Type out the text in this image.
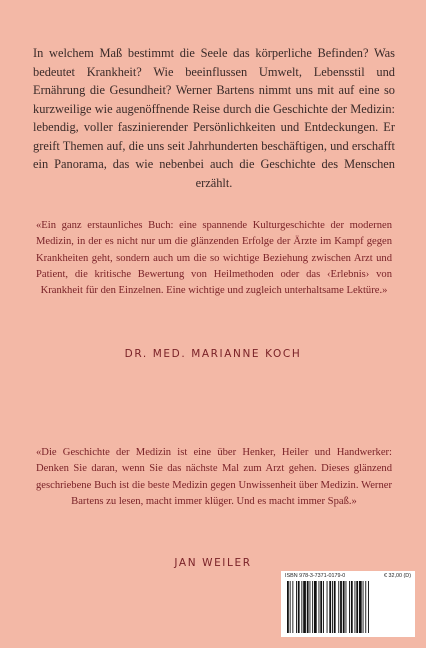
In welchem Maß bestimmt die Seele das körperliche Befinden? Was bedeutet Krankheit? Wie beeinflussen Umwelt, Lebensstil und Ernährung die Gesundheit? Werner Bartens nimmt uns mit auf eine so kurzweilige wie augenöffnende Reise durch die Geschichte der Medizin: lebendig, voller faszinierender Persönlichkeiten und Entdeckungen. Er greift Themen auf, die uns seit Jahrhunderten beschäftigen, und erschafft ein Panorama, das wie nebenbei auch die Geschichte des Menschen erzählt.

«Ein ganz erstaunliches Buch: eine spannende Kulturgeschichte der modernen Medizin, in der es nicht nur um die glänzenden Erfolge der Ärzte im Kampf gegen Krankheiten geht, sondern auch um die so wichtige Beziehung zwischen Arzt und Patient, die kritische Bewertung von Heilmethoden oder das ‹Erlebnis› von Krankheit für den Einzelnen. Eine wichtige und zugleich unterhaltsame Lektüre.»

DR. MED. MARIANNE KOCH

«Die Geschichte der Medizin ist eine über Henker, Heiler und Handwerker: Denken Sie daran, wenn Sie das nächste Mal zum Arzt gehen. Dieses glänzend geschriebene Buch ist die beste Medizin gegen Unwissenheit über Medizin. Werner Bartens zu lesen, macht immer klüger. Und es macht immer Spaß.»

JAN WEILER

ISBN 978-3-7371-0179-0	€ 32,00 (D)
